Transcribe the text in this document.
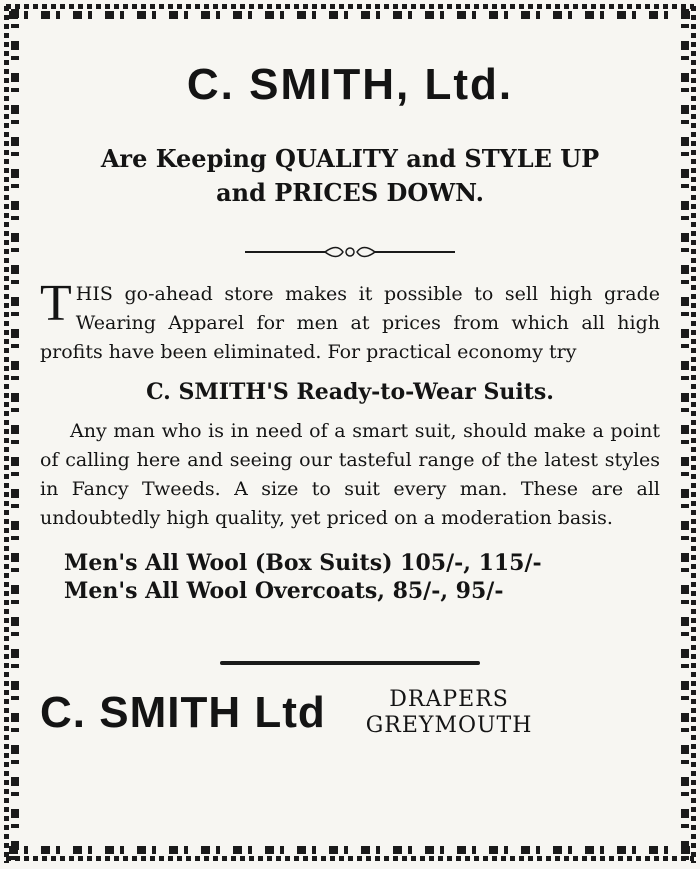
C. SMITH, Ltd.
Are Keeping QUALITY and STYLE UP
and PRICES DOWN.
THIS go-ahead store makes it possible to sell high grade Wearing Apparel for men at prices from which all high profits have been eliminated. For practical economy try
C. SMITH'S Ready-to-Wear Suits.
Any man who is in need of a smart suit, should make a point of calling here and seeing our tasteful range of the latest styles in Fancy Tweeds. A size to suit every man. These are all undoubtedly high quality, yet priced on a moderation basis.
Men's All Wool (Box Suits) 105/-, 115/-
Men's All Wool Overcoats, 85/-, 95/-
C. SMITH Ltd	DRAPERS
GREYMOUTH
